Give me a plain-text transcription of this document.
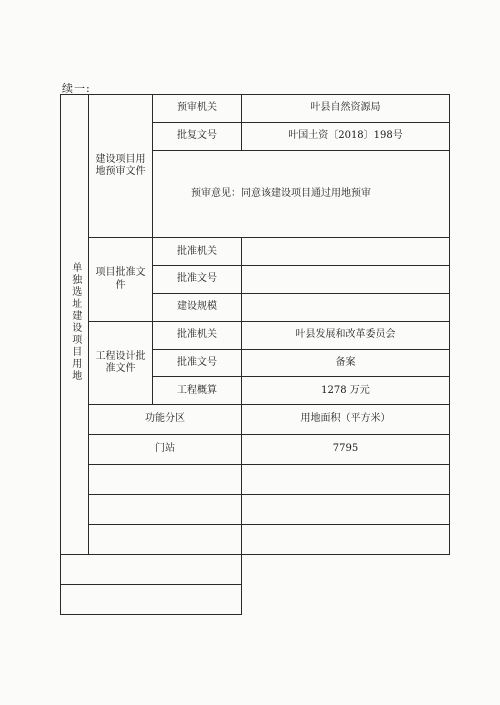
续一:
单独选址建设项目用地	建设项目用地预审文件	预审机关	叶县自然资源局
		批复文号	叶国土资〔2018〕198号
		预审意见：同意该建设项目通过用地预审	
	项目批准文 件	批准机关	
		批准文号	
		建设规模	
	工程设计批准文件	批准机关	叶县发展和改革委员会
		批准文号	备案
		工程概算	1278 万元
	功能分区		用地面积（平方米）
	门站		7795
